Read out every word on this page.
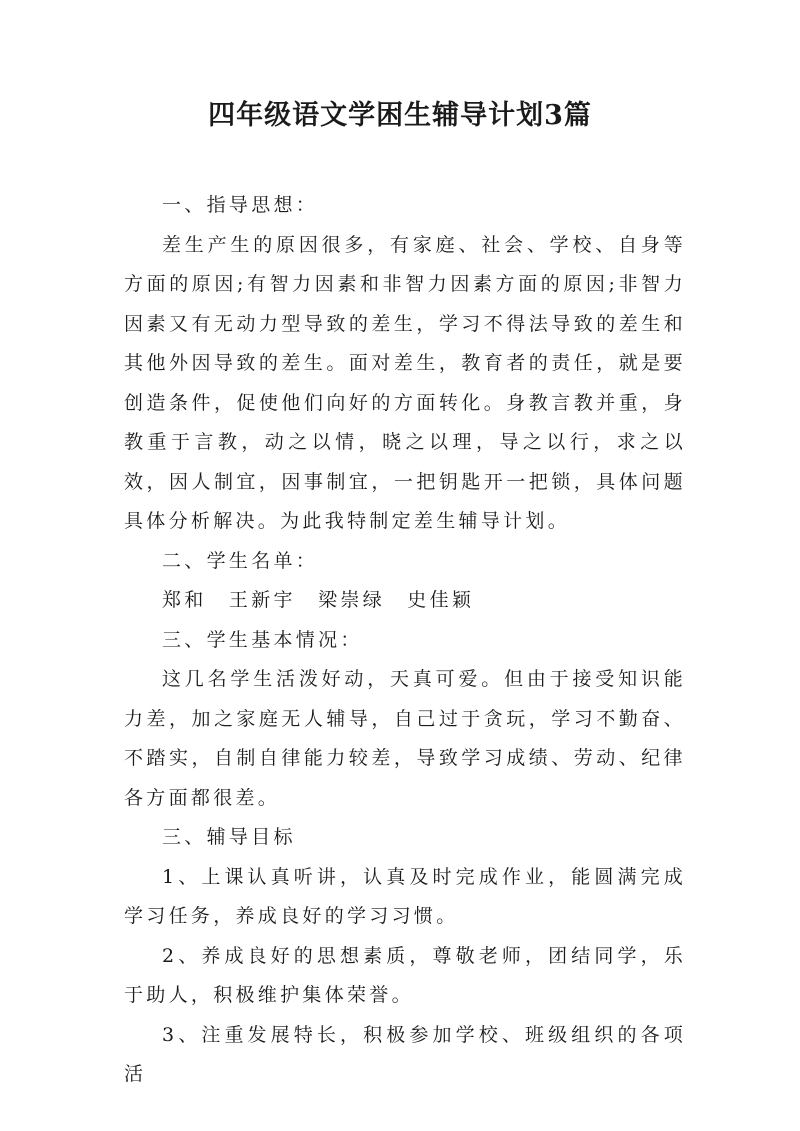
四年级语文学困生辅导计划3篇

一、指导思想：

差生产生的原因很多，有家庭、社会、学校、自身等方面的原因;有智力因素和非智力因素方面的原因;非智力因素又有无动力型导致的差生，学习不得法导致的差生和其他外因导致的差生。面对差生，教育者的责任，就是要创造条件，促使他们向好的方面转化。身教言教并重，身教重于言教，动之以情，晓之以理，导之以行，求之以效，因人制宜，因事制宜，一把钥匙开一把锁，具体问题具体分析解决。为此我特制定差生辅导计划。

二、学生名单：

郑和　王新宇　梁崇绿　史佳颖

三、学生基本情况：

这几名学生活泼好动，天真可爱。但由于接受知识能力差，加之家庭无人辅导，自己过于贪玩，学习不勤奋、不踏实，自制自律能力较差，导致学习成绩、劳动、纪律各方面都很差。

三、辅导目标

1、上课认真听讲，认真及时完成作业，能圆满完成学习任务，养成良好的学习习惯。

2、养成良好的思想素质，尊敬老师，团结同学，乐于助人，积极维护集体荣誉。

3、注重发展特长，积极参加学校、班级组织的各项活
